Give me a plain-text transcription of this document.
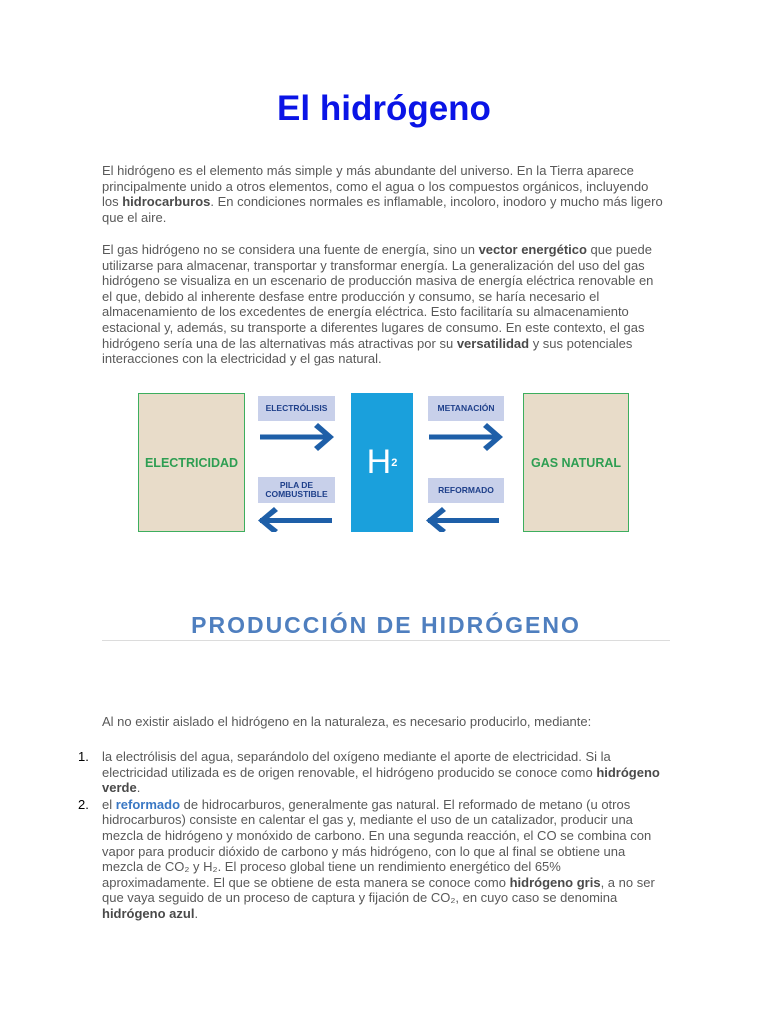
El hidrógeno

El hidrógeno es el elemento más simple y más abundante del universo. En la Tierra aparece principalmente unido a otros elementos, como el agua o los compuestos orgánicos, incluyendo los hidrocarburos. En condiciones normales es inflamable, incoloro, inodoro y mucho más ligero que el aire.

El gas hidrógeno no se considera una fuente de energía, sino un vector energético que puede utilizarse para almacenar, transportar y transformar energía. La generalización del uso del gas hidrógeno se visualiza en un escenario de producción masiva de energía eléctrica renovable en el que, debido al inherente desfase entre producción y consumo, se haría necesario el almacenamiento de los excedentes de energía eléctrica. Esto facilitaría su almacenamiento estacional y, además, su transporte a diferentes lugares de consumo. En este contexto, el gas hidrógeno sería una de las alternativas más atractivas por su versatilidad y sus potenciales interacciones con la electricidad y el gas natural.

ELECTRICIDAD	GAS NATURAL
H 2
ELECTRÓLISIS	METANACIÓN
PILA DE COMBUSTIBLE	REFORMADO
PRODUCCIÓN DE HIDRÓGENO

Al no existir aislado el hidrógeno en la naturaleza, es necesario producirlo, mediante:

1. la electrólisis del agua, separándolo del oxígeno mediante el aporte de electricidad. Si la electricidad utilizada es de origen renovable, el hidrógeno producido se conoce como hidrógeno verde.
2. el reformado de hidrocarburos, generalmente gas natural. El reformado de metano (u otros hidrocarburos) consiste en calentar el gas y, mediante el uso de un catalizador, producir una mezcla de hidrógeno y monóxido de carbono. En una segunda reacción, el CO se combina con vapor para producir dióxido de carbono y más hidrógeno, con lo que al final se obtiene una mezcla de CO₂ y H₂. El proceso global tiene un rendimiento energético del 65% aproximadamente. El que se obtiene de esta manera se conoce como hidrógeno gris, a no ser que vaya seguido de un proceso de captura y fijación de CO₂, en cuyo caso se denomina hidrógeno azul.
